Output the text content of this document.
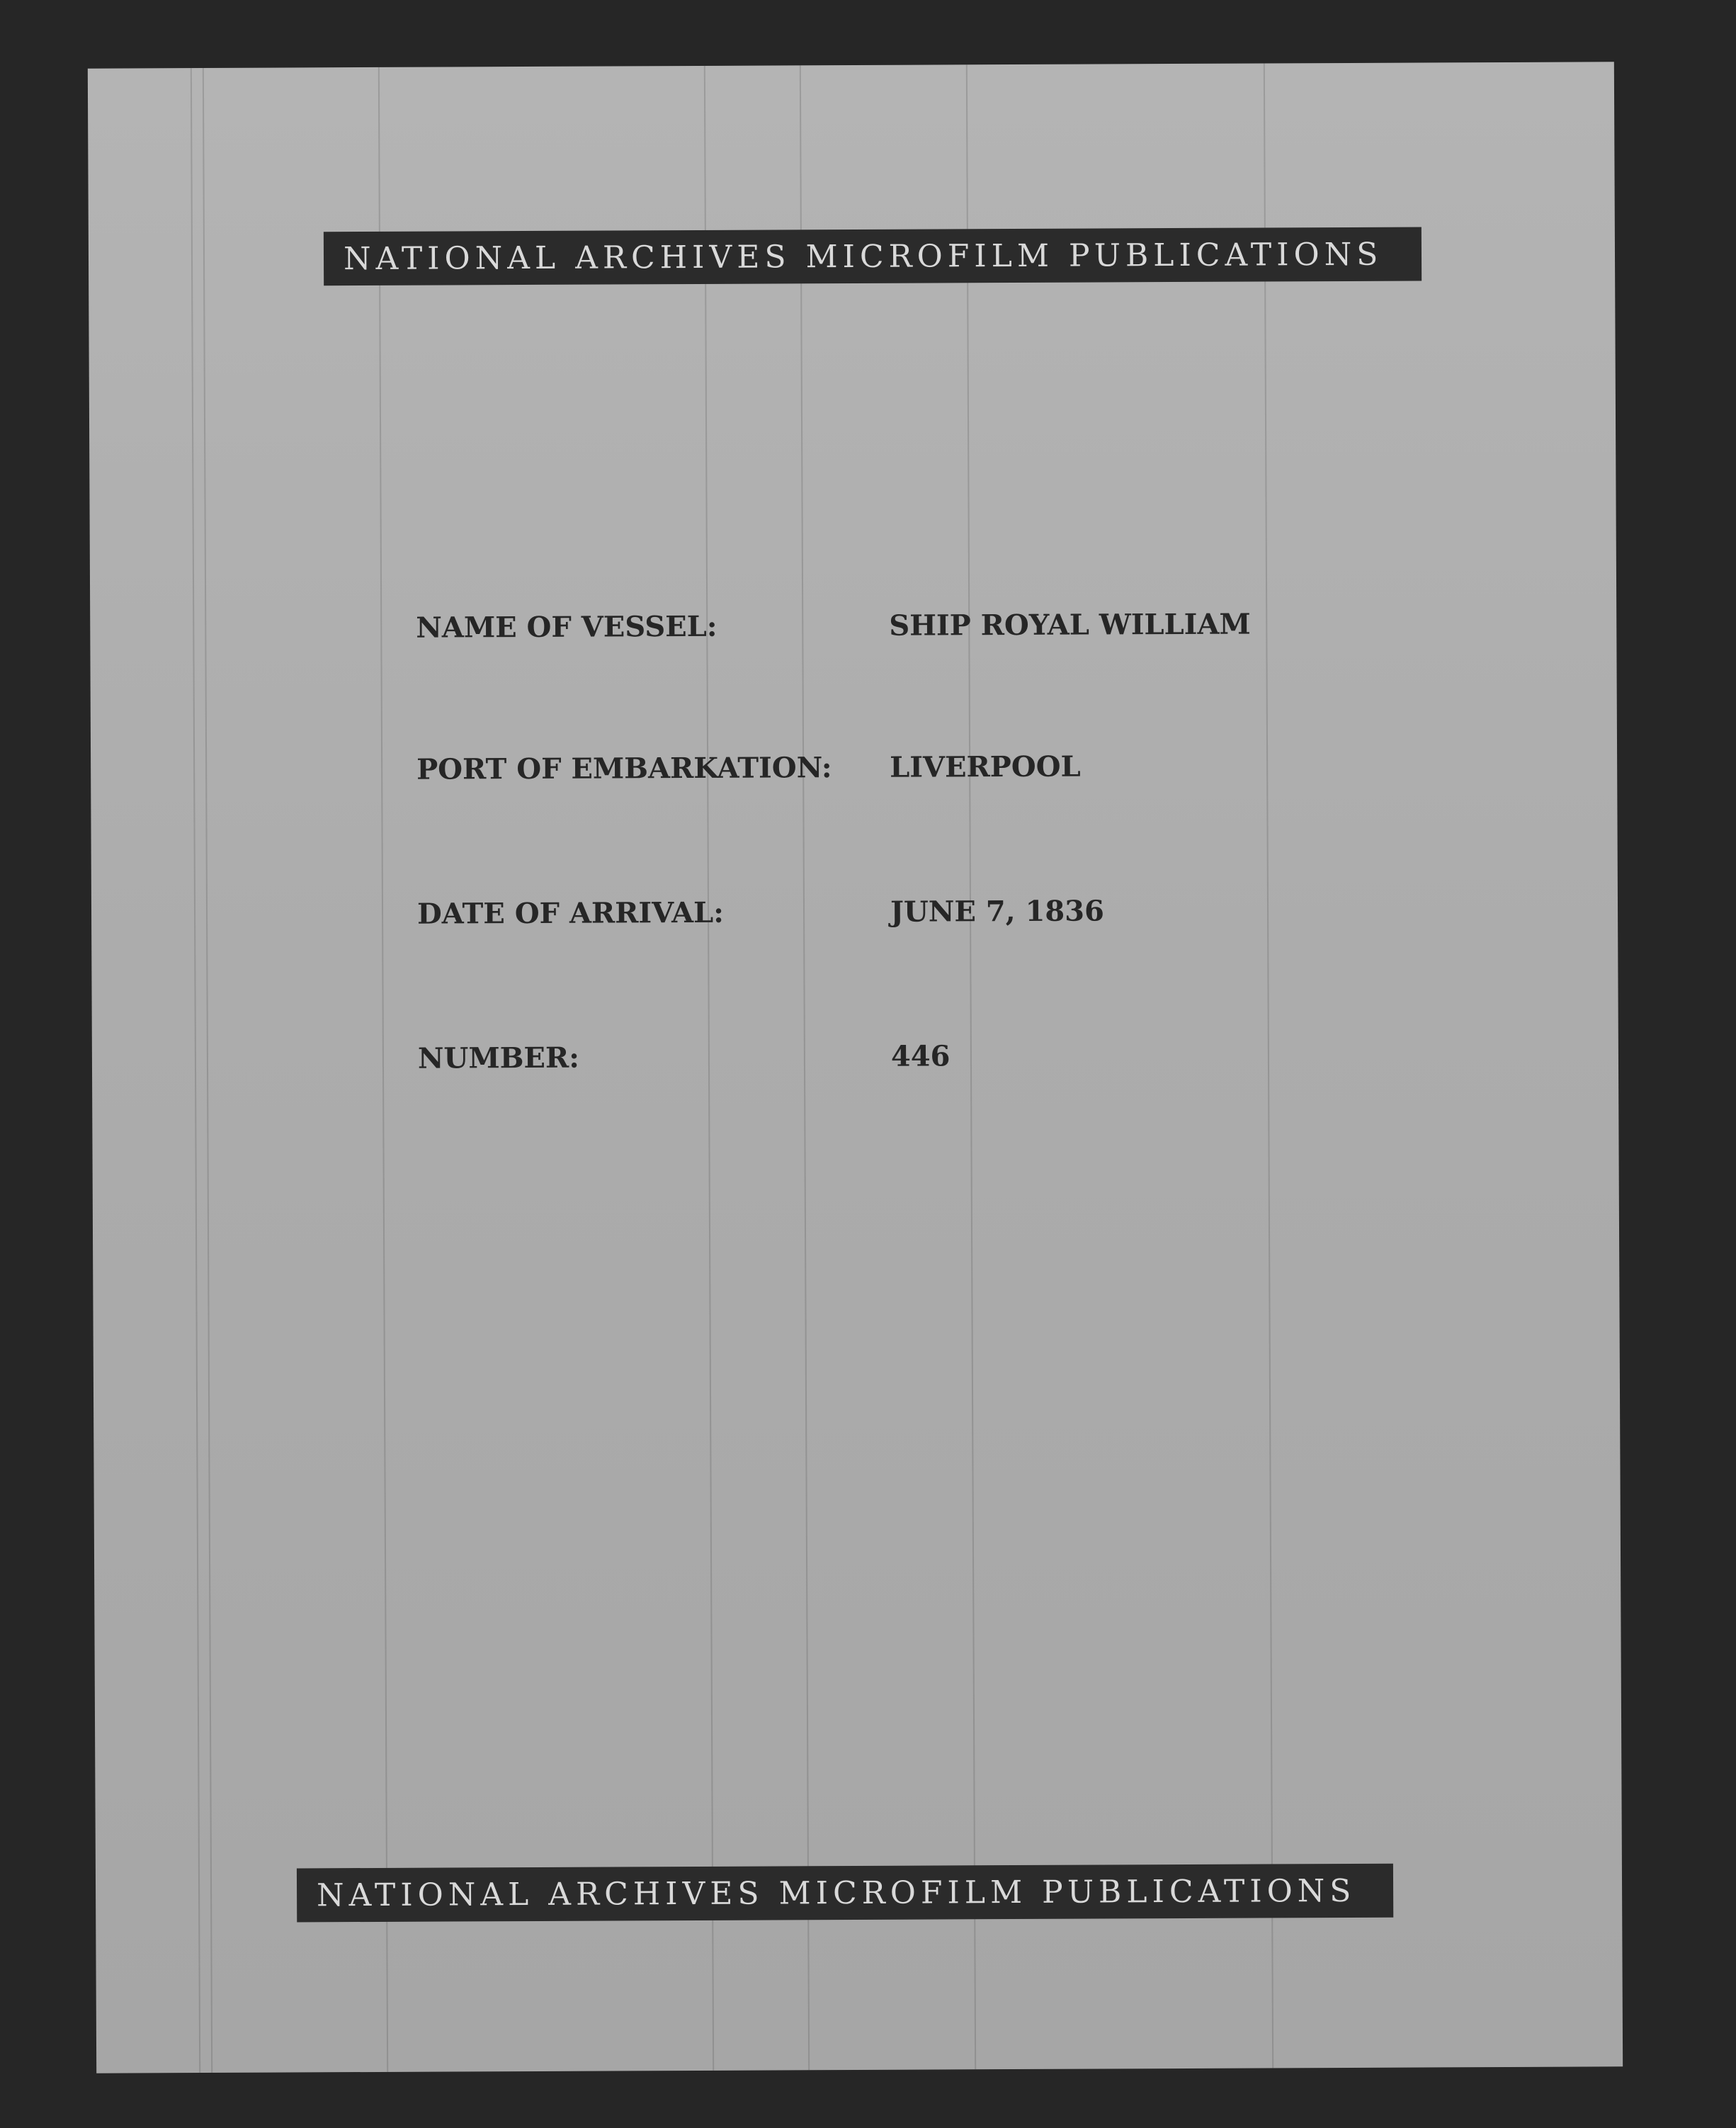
NATIONAL ARCHIVES MICROFILM PUBLICATIONS
NAME OF VESSEL:	SHIP ROYAL WILLIAM
PORT OF EMBARKATION: LIVERPOOL
DATE OF ARRIVAL:	JUNE 7, 1836
NUMBER:	446
NATIONAL ARCHIVES MICROFILM PUBLICATIONS
